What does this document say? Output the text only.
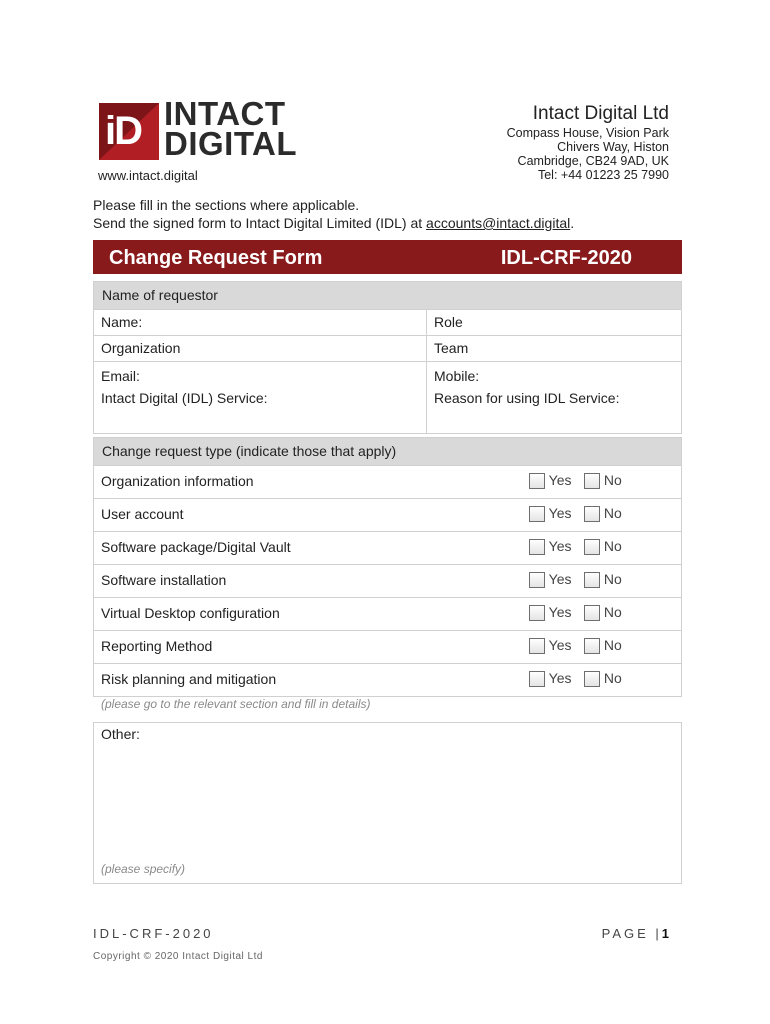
iD INTACT
DIGITAL
www.intact.digital
Intact Digital Ltd
Compass House, Vision Park
Chivers Way, Histon
Cambridge, CB24 9AD, UK
Tel: +44 01223 25 7990
Please fill in the sections where applicable.
Send the signed form to Intact Digital Limited (IDL) at accounts@intact.digital.
Change Request Form	IDL-CRF-2020
Name of requestor
Name:	Role
Organization	Team
Email:	Mobile:
Intact Digital (IDL) Service:	Reason for using IDL Service:
Change request type (indicate those that apply)
Organization information	Yes	No
User account	Yes	No
Software package/Digital Vault	Yes	No
Software installation	Yes	No
Virtual Desktop configuration	Yes	No
Reporting Method	Yes	No
Risk planning and mitigation	Yes	No
(please go to the relevant section and fill in details)
Other:
(please specify)
IDL-CRF-2020	PAGE |1
Copyright © 2020 Intact Digital Ltd
